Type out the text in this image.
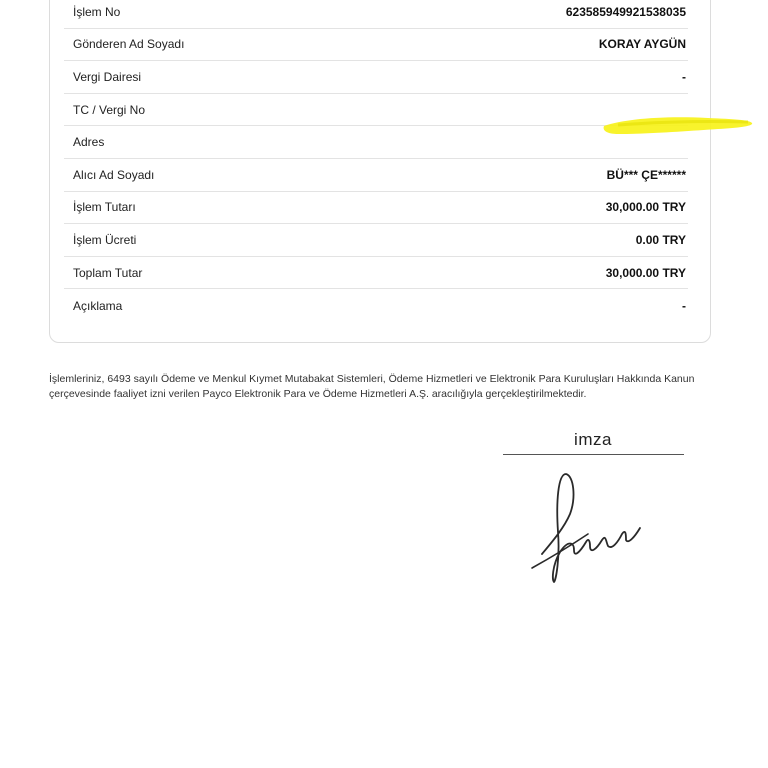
İşlem No	623585949921538035
Gönderen Ad Soyadı	KORAY AYGÜN
Vergi Dairesi	-
TC / Vergi No
Adres
Alıcı Ad Soyadı	BÜ*** ÇE******
İşlem Tutarı	30,000.00 TRY
İşlem Ücreti	0.00 TRY
Toplam Tutar	30,000.00 TRY
Açıklama	-
İşlemleriniz, 6493 sayılı Ödeme ve Menkul Kıymet Mutabakat Sistemleri, Ödeme Hizmetleri ve Elektronik Para Kuruluşları Hakkında Kanun çerçevesinde faaliyet izni verilen Payco Elektronik Para ve Ödeme Hizmetleri A.Ş. aracılığıyla gerçekleştirilmektedir.
imza
